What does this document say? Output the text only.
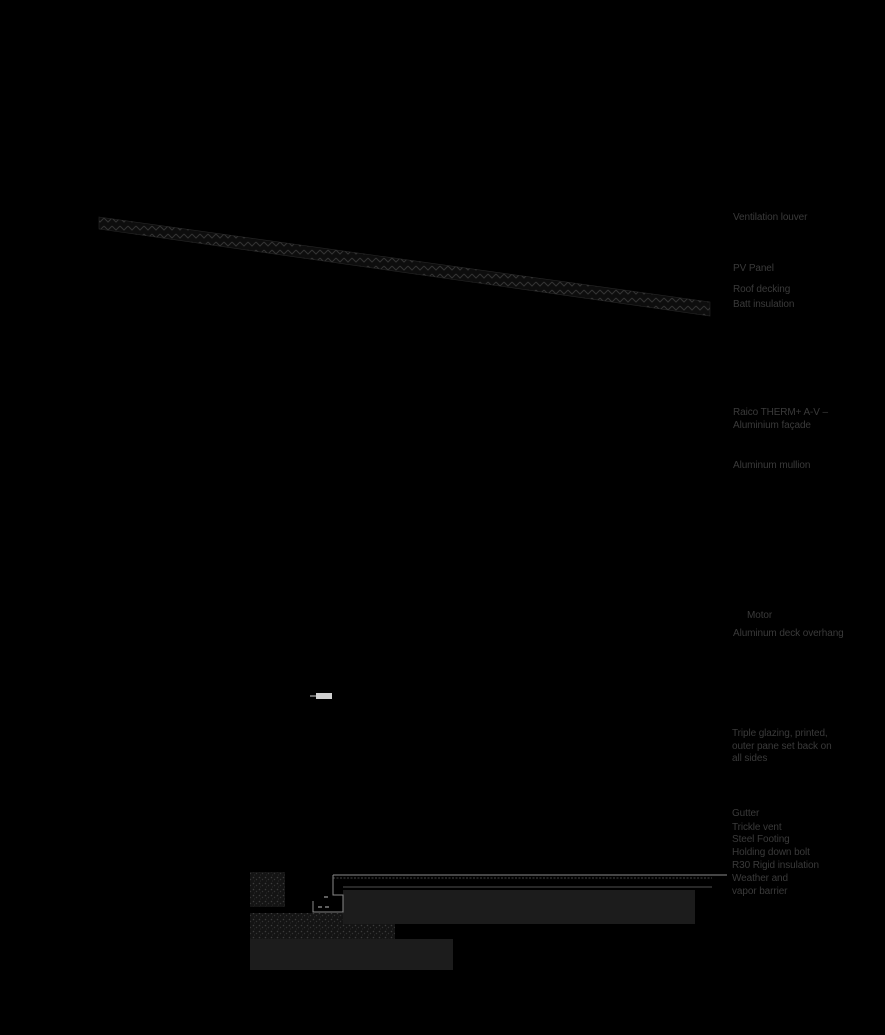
Ventilation louver
PV Panel
Roof decking
Batt insulation
Raico THERM+ A-V –
Aluminium façade
Aluminum mullion
Motor
Aluminum deck overhang
Triple glazing, printed,
outer pane set back on
all sides
Gutter
Trickle vent
Steel Footing
Holding down bolt
R30 Rigid insulation
Weather and
vapor barrier
